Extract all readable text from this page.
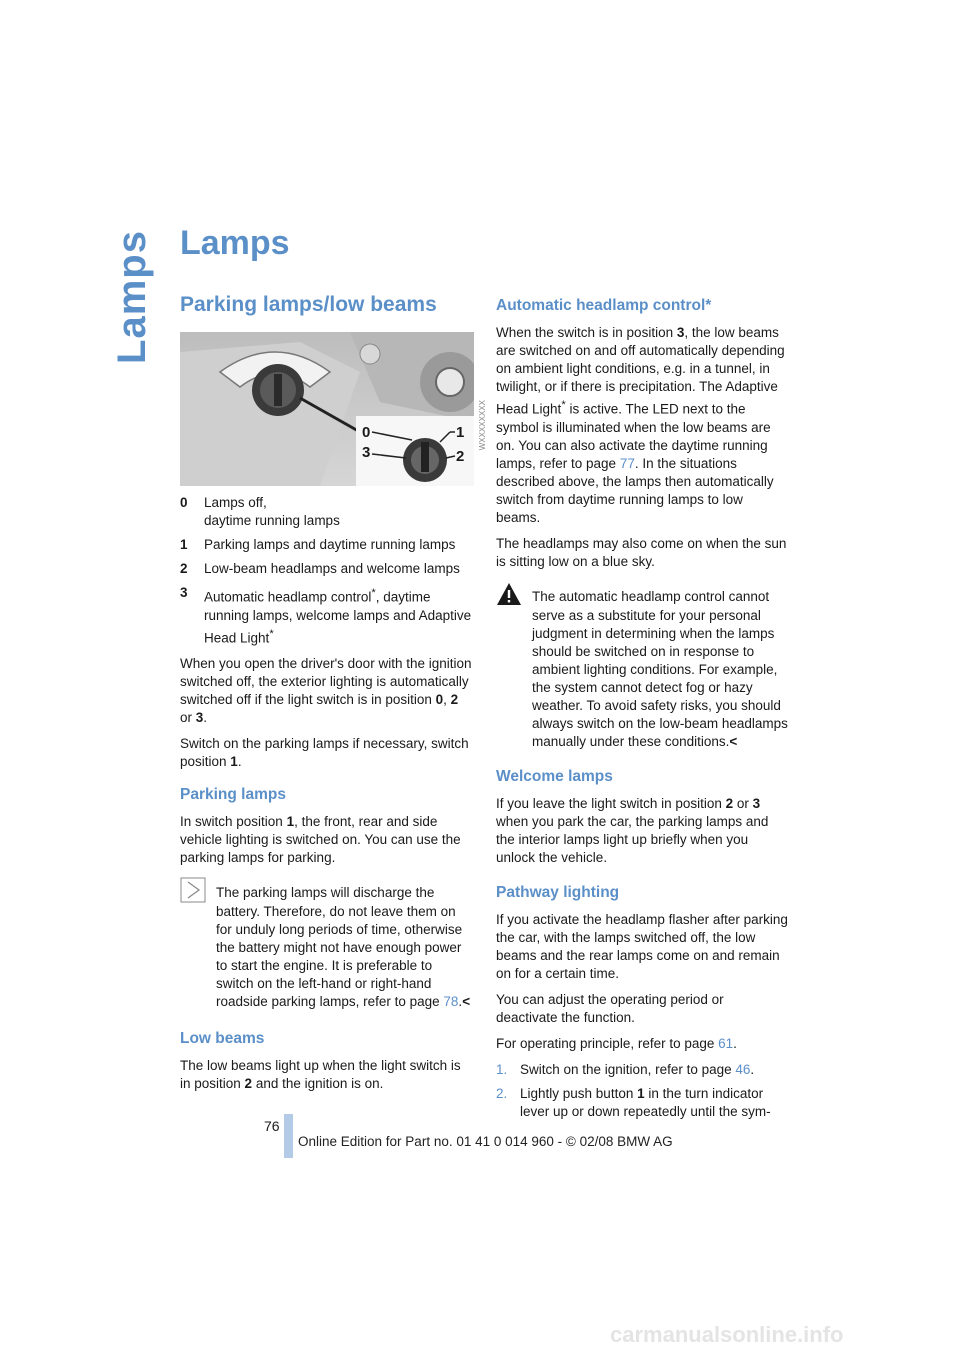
Lamps Lamps
Parking lamps/low beams
0
3
1
2
0	Lamps off,
daytime running lamps
1	Parking lamps and daytime running lamps
2	Low-beam headlamps and welcome lamps
3	Automatic headlamp control*, daytime running lamps, welcome lamps and Adaptive Head Light*

When you open the driver's door with the ignition switched off, the exterior lighting is automatically switched off if the light switch is in position 0, 2 or 3.

Switch on the parking lamps if necessary, switch position 1.

Parking lamps

In switch position 1, the front, rear and side vehicle lighting is switched on. You can use the parking lamps for parking.

The parking lamps will discharge the battery. Therefore, do not leave them on for unduly long periods of time, otherwise the battery might not have enough power to start the engine. It is preferable to switch on the left-hand or right-hand roadside parking lamps, refer to page 78.<

Low beams

The low beams light up when the light switch is in position 2 and the ignition is on.

WXXXXXXXX
Automatic headlamp control*

When the switch is in position 3, the low beams are switched on and off automatically depending on ambient light conditions, e.g. in a tunnel, in twilight, or if there is precipitation. The Adaptive Head Light* is active. The LED next to the symbol is illuminated when the low beams are on. You can also activate the daytime running lamps, refer to page 77. In the situations described above, the lamps then automatically switch from daytime running lamps to low beams.

The headlamps may also come on when the sun is sitting low on a blue sky.

The automatic headlamp control cannot serve as a substitute for your personal judgment in determining when the lamps should be switched on in response to ambient lighting conditions. For example, the system cannot detect fog or hazy weather. To avoid safety risks, you should always switch on the low-beam headlamps manually under these conditions.<

Welcome lamps

If you leave the light switch in position 2 or 3 when you park the car, the parking lamps and the interior lamps light up briefly when you unlock the vehicle.

Pathway lighting

If you activate the headlamp flasher after parking the car, with the lamps switched off, the low beams and the rear lamps come on and remain on for a certain time.

You can adjust the operating period or deactivate the function.

For operating principle, refer to page 61.

1. Switch on the ignition, refer to page 46.
2. Lightly push button 1 in the turn indicator lever up or down repeatedly until the sym-
76
Online Edition for Part no. 01 41 0 014 960 - © 02/08 BMW AG
carmanualsonline.info
